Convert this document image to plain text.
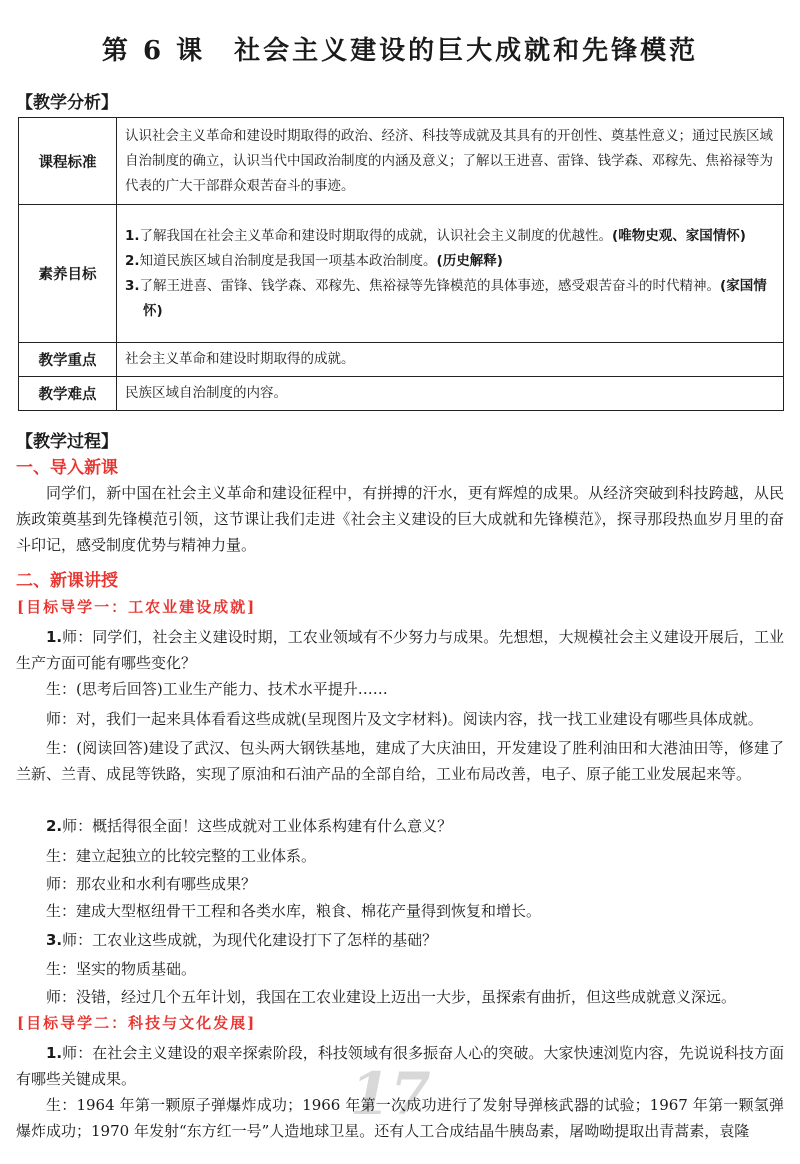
第 6 课　社会主义建设的巨大成就和先锋模范
【教学分析】
课程标准	认识社会主义革命和建设时期取得的政治、经济、科技等成就及其具有的开创性、奠基性意义；通过民族区域自治制度的确立，认识当代中国政治制度的内涵及意义；了解以王进喜、雷锋、钱学森、邓稼先、焦裕禄等为代表的广大干部群众艰苦奋斗的事迹。
素养目标	1.了解我国在社会主义革命和建设时期取得的成就，认识社会主义制度的优越性。(唯物史观、家国情怀)
2.知道民族区域自治制度是我国一项基本政治制度。(历史解释)
3.了解王进喜、雷锋、钱学森、邓稼先、焦裕禄等先锋模范的具体事迹，感受艰苦奋斗的时代精神。(家国情怀)

教学重点	社会主义革命和建设时期取得的成就。
教学难点	民族区域自治制度的内容。
【教学过程】
一、导入新课
同学们，新中国在社会主义革命和建设征程中，有拼搏的汗水，更有辉煌的成果。从经济突破到科技跨越，从民族政策奠基到先锋模范引领，这节课让我们走进《社会主义建设的巨大成就和先锋模范》，探寻那段热血岁月里的奋斗印记，感受制度优势与精神力量。
二、新课讲授
[目标导学一：工农业建设成就]
1.师：同学们，社会主义建设时期，工农业领域有不少努力与成果。先想想，大规模社会主义建设开展后，工业生产方面可能有哪些变化？
生：(思考后回答)工业生产能力、技术水平提升……
师：对，我们一起来具体看看这些成就(呈现图片及文字材料)。阅读内容，找一找工业建设有哪些具体成就。
生：(阅读回答)建设了武汉、包头两大钢铁基地，建成了大庆油田，开发建设了胜利油田和大港油田等，修建了兰新、兰青、成昆等铁路，实现了原油和石油产品的全部自给，工业布局改善，电子、原子能工业发展起来等。
2.师：概括得很全面！这些成就对工业体系构建有什么意义？
生：建立起独立的比较完整的工业体系。
师：那农业和水利有哪些成果？
生：建成大型枢纽骨干工程和各类水库，粮食、棉花产量得到恢复和增长。
3.师：工农业这些成就，为现代化建设打下了怎样的基础？
生：坚实的物质基础。
师：没错，经过几个五年计划，我国在工农业建设上迈出一大步，虽探索有曲折，但这些成就意义深远。
[目标导学二：科技与文化发展]
1.师：在社会主义建设的艰辛探索阶段，科技领域有很多振奋人心的突破。大家快速浏览内容，先说说科技方面有哪些关键成果。	17
生：1964 年第一颗原子弹爆炸成功；1966 年第一次成功进行了发射导弹核武器的试验；1967 年第一颗氢弹爆炸成功；1970 年发射“东方红一号”人造地球卫星。还有人工合成结晶牛胰岛素，屠呦呦提取出青蒿素，袁隆
